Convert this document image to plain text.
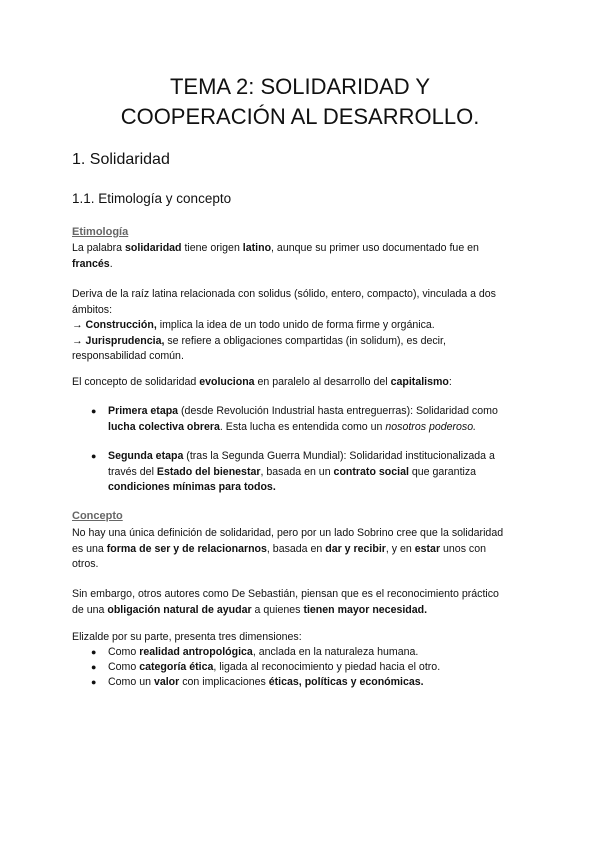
TEMA 2: SOLIDARIDAD Y
COOPERACIÓN AL DESARROLLO.
1. Solidaridad
1.1. Etimología y concepto

Etimología

La palabra solidaridad tiene origen latino, aunque su primer uso documentado fue en
francés.

Deriva de la raíz latina relacionada con solidus (sólido, entero, compacto), vinculada a dos
ámbitos:
→ Construcción, implica la idea de un todo unido de forma firme y orgánica.
→ Jurisprudencia, se refiere a obligaciones compartidas (in solidum), es decir,
responsabilidad común.

El concepto de solidaridad evoluciona en paralelo al desarrollo del capitalismo:

● Primera etapa (desde Revolución Industrial hasta entreguerras): Solidaridad como
lucha colectiva obrera. Esta lucha es entendida como un nosotros poderoso.

● Segunda etapa (tras la Segunda Guerra Mundial): Solidaridad institucionalizada a
través del Estado del bienestar, basada en un contrato social que garantiza
condiciones mínimas para todos.

Concepto

No hay una única definición de solidaridad, pero por un lado Sobrino cree que la solidaridad
es una forma de ser y de relacionarnos, basada en dar y recibir, y en estar unos con
otros.

Sin embargo, otros autores como De Sebastián, piensan que es el reconocimiento práctico
de una obligación natural de ayudar a quienes tienen mayor necesidad.

Elizalde por su parte, presenta tres dimensiones:

● Como realidad antropológica, anclada en la naturaleza humana.

● Como categoría ética, ligada al reconocimiento y piedad hacia el otro.

● Como un valor con implicaciones éticas, políticas y económicas.
